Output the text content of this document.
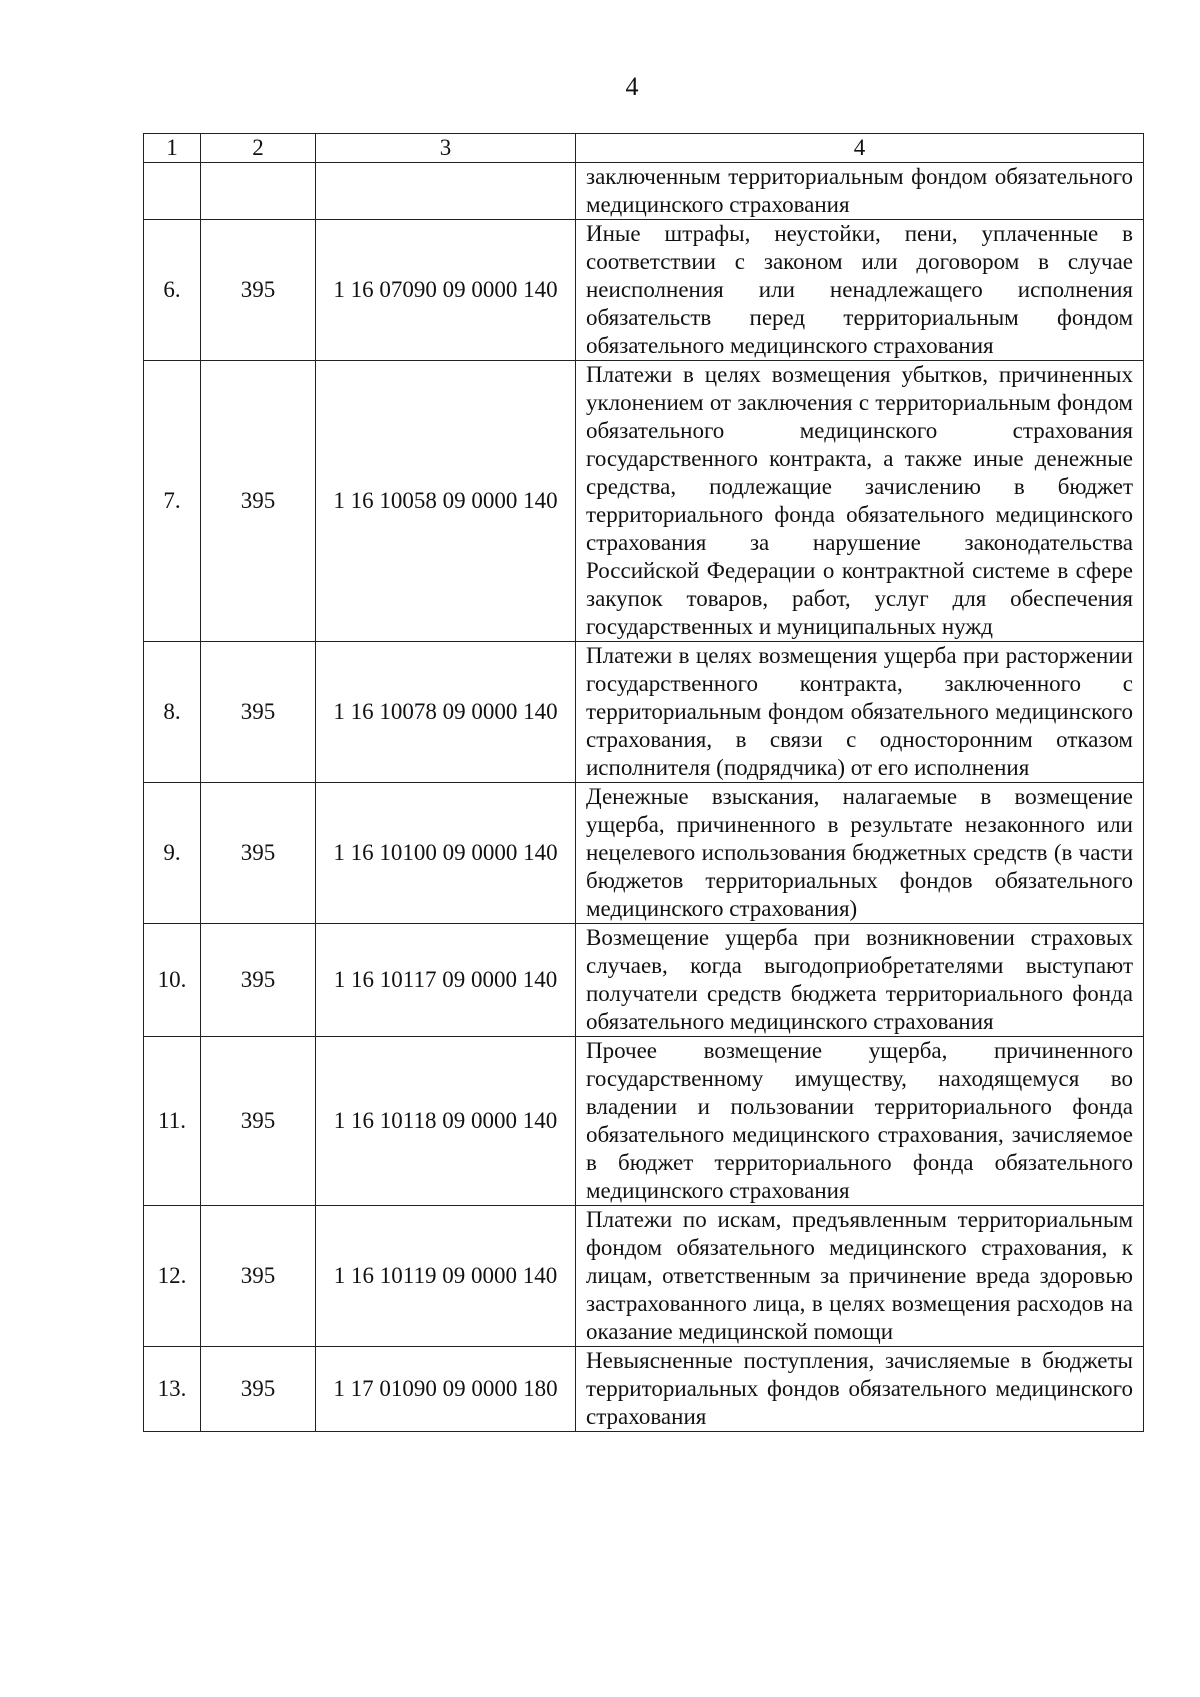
4
1	2	3	4

			заключенным территориальным фондом обязательного медицинского страхования

6.	395	1 16 07090 09 0000 140	Иные штрафы, неустойки, пени, уплаченные в соответствии с законом или договором в случае неисполнения или ненадлежащего исполнения обязательств перед территориальным фондом обязательного медицинского страхования

7.	395	1 16 10058 09 0000 140	Платежи в целях возмещения убытков, причиненных уклонением от заключения с территориальным фондом обязательного медицинского страхования государственного контракта, а также иные денежные средства, подлежащие зачислению в бюджет территориального фонда обязательного медицинского страхования за нарушение законодательства Российской Федерации о контрактной системе в сфере закупок товаров, работ, услуг для обеспечения государственных и муниципальных нужд

8.	395	1 16 10078 09 0000 140	Платежи в целях возмещения ущерба при расторжении государственного контракта, заключенного с территориальным фондом обязательного медицинского страхования, в связи с односторонним отказом исполнителя (подрядчика) от его исполнения

9.	395	1 16 10100 09 0000 140	Денежные взыскания, налагаемые в возмещение ущерба, причиненного в результате незаконного или нецелевого использования бюджетных средств (в части бюджетов территориальных фондов обязательного медицинского страхования)

10.	395	1 16 10117 09 0000 140	Возмещение ущерба при возникновении страховых случаев, когда выгодоприобретателями выступают получатели средств бюджета территориального фонда обязательного медицинского страхования

11.	395	1 16 10118 09 0000 140	Прочее возмещение ущерба, причиненного государственному имуществу, находящемуся во владении и пользовании территориального фонда обязательного медицинского страхования, зачисляемое в бюджет территориального фонда обязательного медицинского страхования

12.	395	1 16 10119 09 0000 140	Платежи по искам, предъявленным территориальным фондом обязательного медицинского страхования, к лицам, ответственным за причинение вреда здоровью застрахованного лица, в целях возмещения расходов на оказание медицинской помощи

13.	395	1 17 01090 09 0000 180	Невыясненные поступления, зачисляемые в бюджеты территориальных фондов обязательного медицинского страхования
